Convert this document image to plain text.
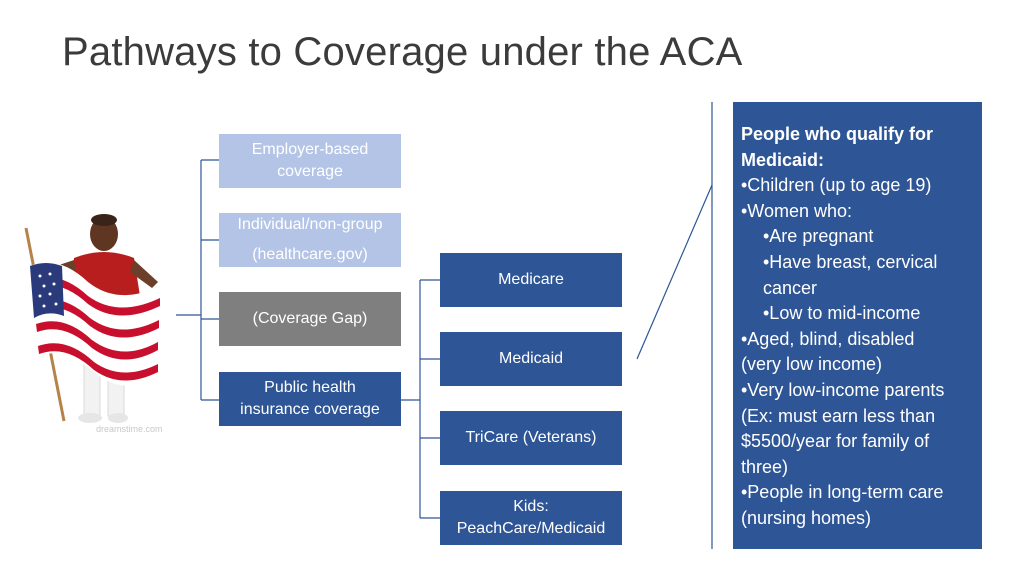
Pathways to Coverage under the ACA
dreamstime.com
Employer-based
coverage
Individual/non-group
(healthcare.gov)
(Coverage Gap)
Public health
insurance coverage
Medicare
Medicaid
TriCare (Veterans)
Kids:
PeachCare/Medicaid
People who qualify for
Medicaid:
•Children (up to age 19)
•Women who:
•Are pregnant
•Have breast, cervical
cancer
•Low to mid-income
•Aged, blind, disabled
(very low income)
•Very low-income parents
(Ex: must earn less than
$5500/year for family of
three)
•People in long-term care
(nursing homes)
